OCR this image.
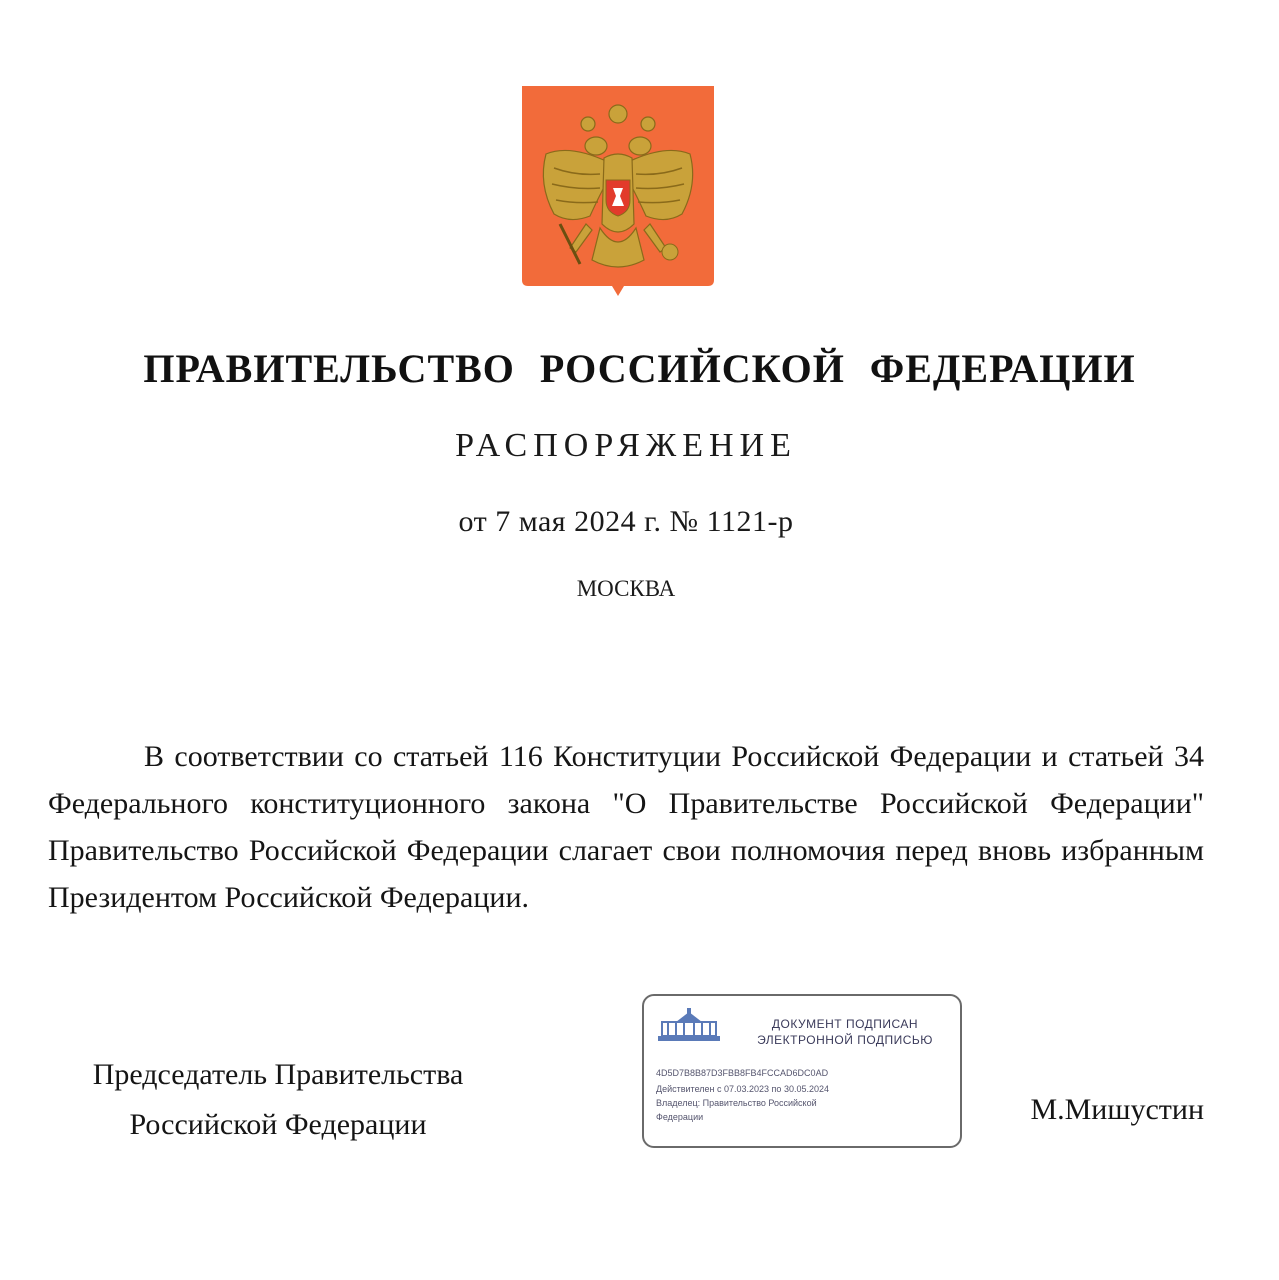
ПРАВИТЕЛЬСТВО РОССИЙСКОЙ ФЕДЕРАЦИИ
РАСПОРЯЖЕНИЕ
от 7 мая 2024 г. № 1121-р
МОСКВА

В соответствии со статьей 116 Конституции Российской Федерации и статьей 34 Федерального конституционного закона "О Правительстве Российской Федерации" Правительство Российской Федерации слагает свои полномочия перед вновь избранным Президентом Российской Федерации.

Председатель Правительства
Российской Федерации
ДОКУМЕНТ ПОДПИСАН
ЭЛЕКТРОННОЙ ПОДПИСЬЮ
4D5D7B8B87D3FBB8FB4FCCAD6DC0AD
Действителен с 07.03.2023 по 30.05.2024
Владелец: Правительство Российской
Федерации	М.Мишустин
